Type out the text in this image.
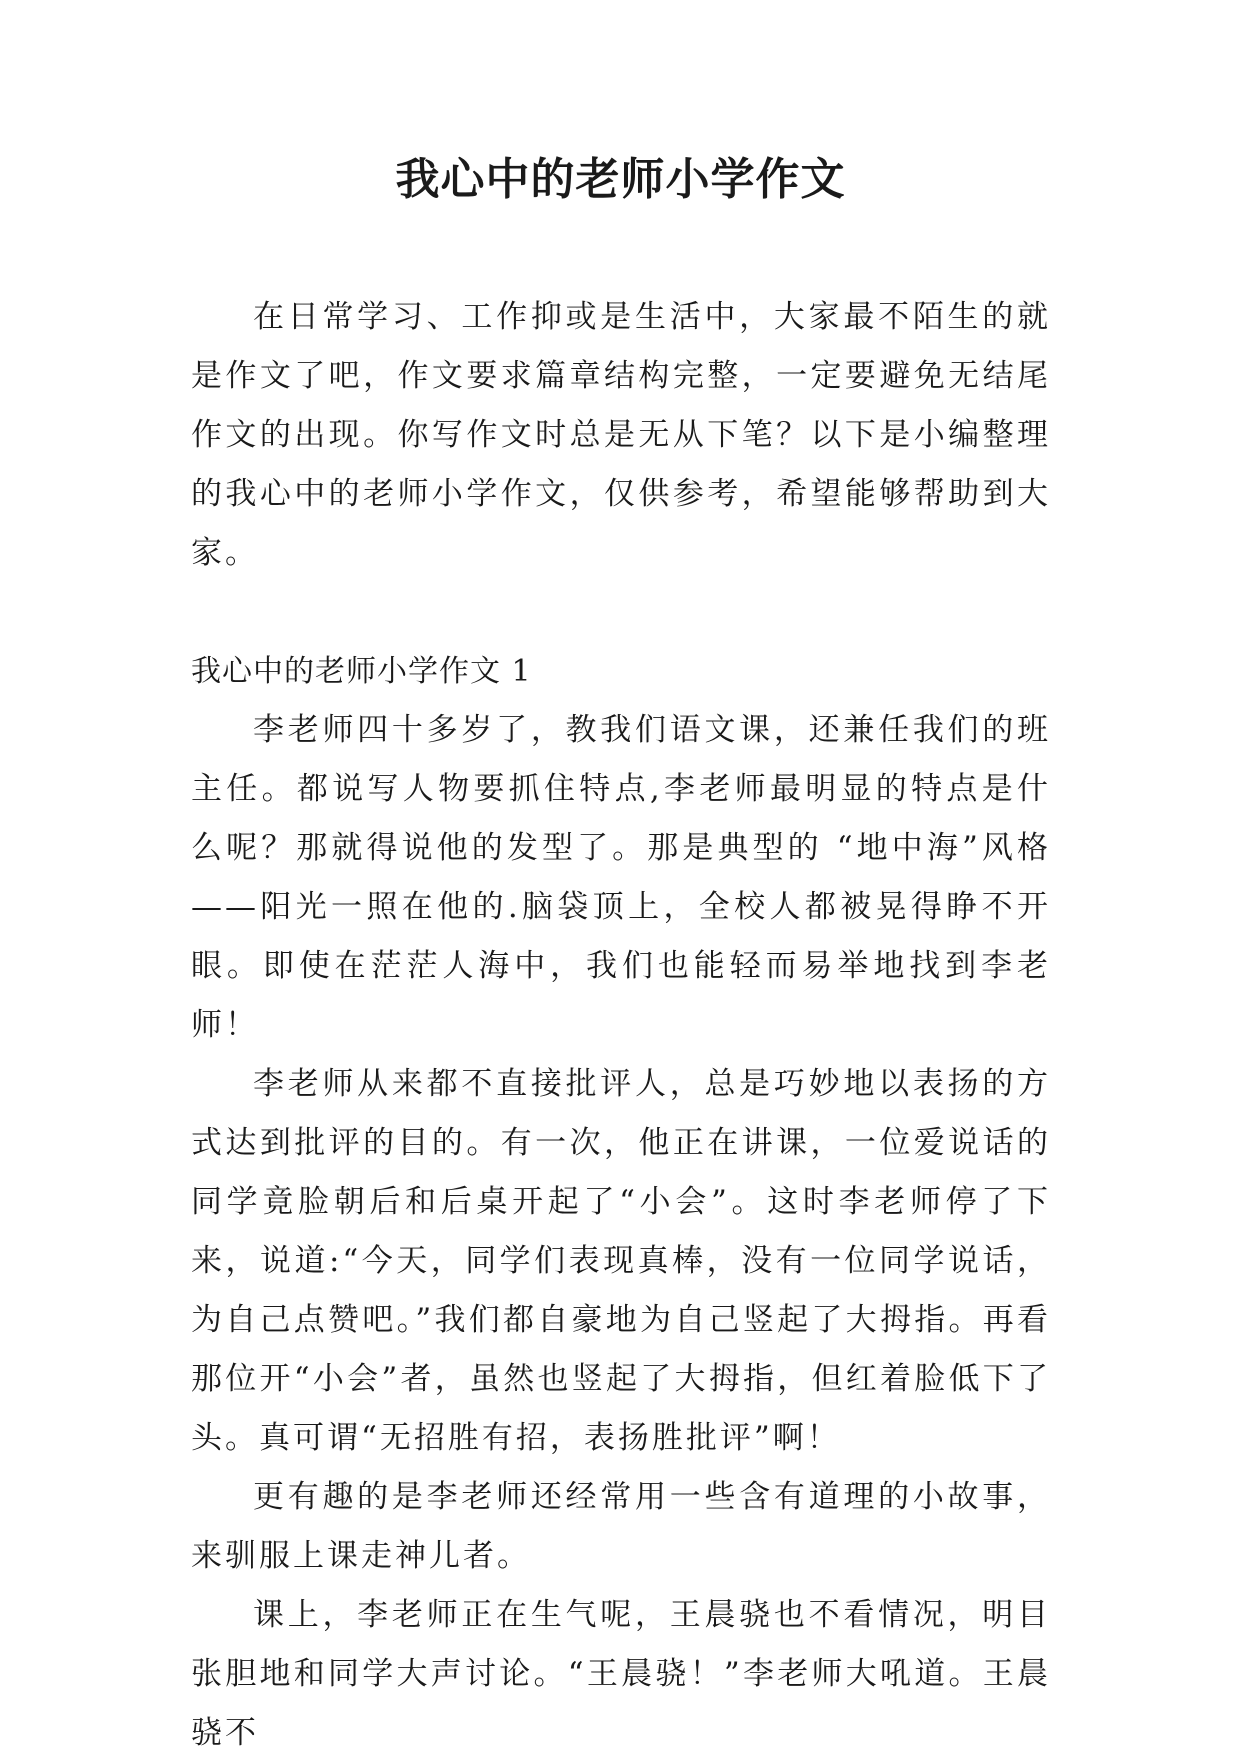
我心中的老师小学作文

在日常学习、工作抑或是生活中，大家最不陌生的就是作文了吧，作文要求篇章结构完整，一定要避免无结尾作文的出现。你写作文时总是无从下笔？以下是小编整理的我心中的老师小学作文，仅供参考，希望能够帮助到大家。

我心中的老师小学作文 1

李老师四十多岁了，教我们语文课，还兼任我们的班主任。都说写人物要抓住特点,李老师最明显的特点是什么呢？那就得说他的发型了。那是典型的 “地中海”风格——阳光一照在他的.脑袋顶上，全校人都被晃得睁不开眼。即使在茫茫人海中，我们也能轻而易举地找到李老师！

李老师从来都不直接批评人，总是巧妙地以表扬的方式达到批评的目的。有一次，他正在讲课，一位爱说话的同学竟脸朝后和后桌开起了“小会”。这时李老师停了下来，说道:“今天，同学们表现真棒，没有一位同学说话，为自己点赞吧。”我们都自豪地为自己竖起了大拇指。再看那位开“小会”者，虽然也竖起了大拇指，但红着脸低下了头。真可谓“无招胜有招，表扬胜批评”啊！

更有趣的是李老师还经常用一些含有道理的小故事，来驯服上课走神儿者。

课上，李老师正在生气呢，王晨骁也不看情况，明目张胆地和同学大声讨论。“王晨骁！”李老师大吼道。王晨骁不
